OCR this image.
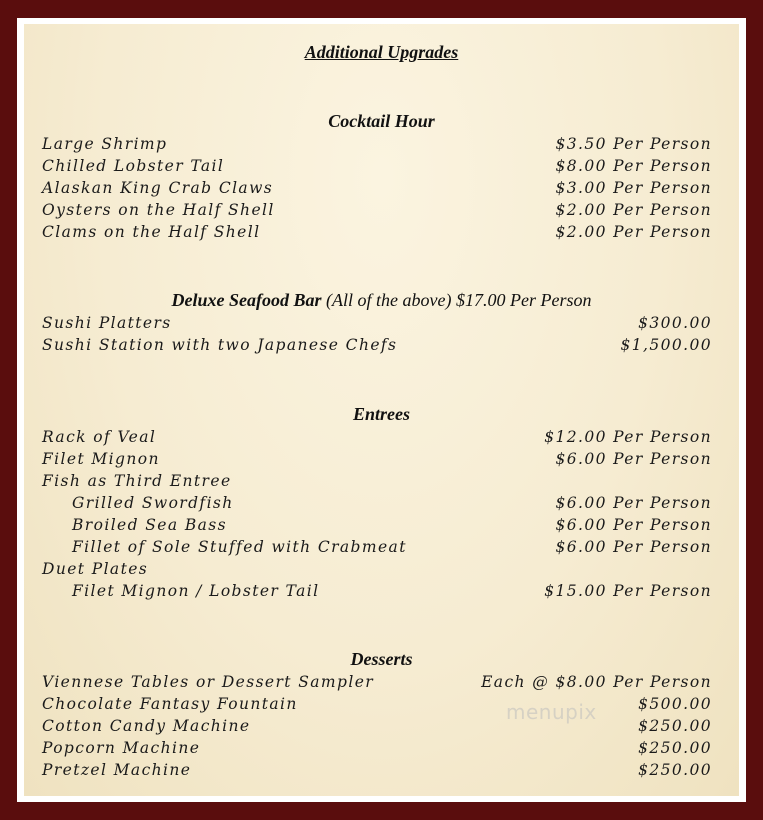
Additional Upgrades
Cocktail Hour
Large Shrimp	$3.50 Per Person
Chilled Lobster Tail	$8.00 Per Person
Alaskan King Crab Claws	$3.00 Per Person
Oysters on the Half Shell	$2.00 Per Person
Clams on the Half Shell	$2.00 Per Person
Deluxe Seafood Bar (All of the above) $17.00 Per Person
Sushi Platters	$300.00
Sushi Station with two Japanese Chefs	$1,500.00
Entrees
Rack of Veal	$12.00 Per Person
Filet Mignon	$6.00 Per Person
Fish as Third Entree
Grilled Swordfish	$6.00 Per Person
Broiled Sea Bass	$6.00 Per Person
Fillet of Sole Stuffed with Crabmeat	$6.00 Per Person
Duet Plates
Filet Mignon / Lobster Tail	$15.00 Per Person
Desserts
Viennese Tables or Dessert Sampler	Each @ $8.00 Per Person
Chocolate Fantasy Fountain	$500.00
Cotton Candy Machine	$250.00
Popcorn Machine	$250.00
Pretzel Machine	$250.00
menupix
